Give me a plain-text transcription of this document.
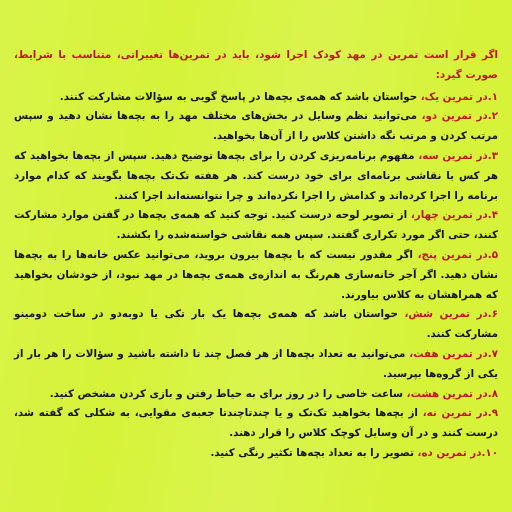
اگر قرار است تمرین در مهد کودک اجرا شود، باید در تمرین‌ها تغییراتی، متناسب با شرایط، صورت گیرد:

۱.در تمرین یک، حواستان باشد که همه‌ی بچه‌ها در پاسخ گویی به سؤالات مشارکت کنند.

۲.در تمرین دو، می‌توانید نظم وسایل در بخش‌های مختلف مهد را به بچه‌ها نشان دهید و سپس مرتب کردن و مرتب نگه داشتن کلاس را از آن‌ها بخواهید.

۳.در تمرین سه، مفهوم برنامه‌ریزی کردن را برای بچه‌ها توضیح دهید. سپس از بچه‌ها بخواهید که هر کس با نقاشی برنامه‌ای برای خود درست کند. هر هفته تک‌تک بچه‌ها بگویند که کدام موارد برنامه را اجرا کرده‌اند و کدامش را اجرا نکرده‌اند و چرا نتوانسته‌اند اجرا کنند.

۴.در تمرین چهار، از تصویر لوحه درست کنید. توجه کنید که همه‌ی بچه‌ها در گفتن موارد مشارکت کنند، حتی اگر مورد تکراری گفتند. سپس همه نقاشی خواسته‌شده را بکشند.

۵.در تمرین پنج، اگر مقدور نیست که با بچه‌ها بیرون بروید، می‌توانید عکس خانه‌ها را به بچه‌ها نشان دهید. اگر آجر خانه‌سازی هم‌رنگ به اندازه‌ی همه‌ی بچه‌ها در مهد نبود، از خودشان بخواهید که همراهشان به کلاس بیاورند.

۶.در تمرین شش، حواستان باشد که همه‌ی بچه‌ها یک بار تکی یا دوبه‌دو در ساخت دومینو مشارکت کنند.

۷.در تمرین هفت، می‌توانید به تعداد بچه‌ها از هر فصل چند تا داشته باشید و سؤالات را هر بار از یکی از گروه‌ها بپرسید.

۸.در تمرین هشت، ساعت خاصی را در روز برای به حیاط رفتن و بازی کردن مشخص کنید.

۹.در تمرین نه، از بچه‌ها بخواهید تک‌تک و یا چندتا‌چندتا جعبه‌ی مقوایی، به شکلی که گفته شد، درست کنند و در آن وسایل کوچک کلاس را قرار دهند.

۱۰.در تمرین ده، تصویر را به تعداد بچه‌ها تکثیر رنگی کنید.
